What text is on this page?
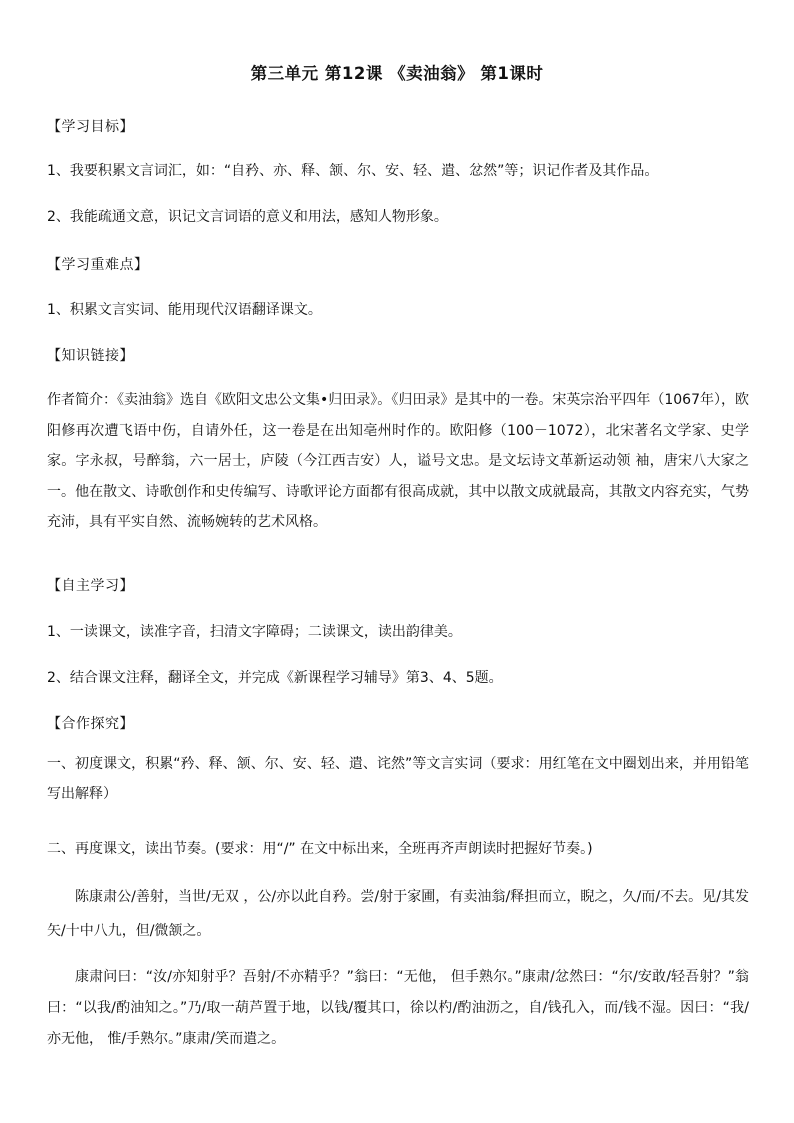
第三单元 第12课 《卖油翁》 第1课时
【学习目标】
1、我要积累文言词汇，如：“自矜、亦、释、颔、尔、安、轻、遣、忿然”等；识记作者及其作品。
2、我能疏通文意，识记文言词语的意义和用法，感知人物形象。
【学习重难点】
1、积累文言实词、能用现代汉语翻译课文。
【知识链接】
作者简介：《卖油翁》选自《欧阳文忠公文集•归田录》。《归田录》是其中的一卷。宋英宗治平四年（1067年），欧阳修再次遭飞语中伤，自请外任，这一卷是在出知亳州时作的。欧阳修（100－1072），北宋著名文学家、史学家。字永叔，号醉翁，六一居士，庐陵（今江西吉安）人，谥号文忠。是文坛诗文革新运动领 袖，唐宋八大家之一。他在散文、诗歌创作和史传编写、诗歌评论方面都有很高成就，其中以散文成就最高，其散文内容充实，气势充沛，具有平实自然、流畅婉转的艺术风格。
【自主学习】
1、一读课文，读准字音，扫清文字障碍；二读课文，读出韵律美。
2、结合课文注释，翻译全文，并完成《新课程学习辅导》第3、4、5题。
【合作探究】
一、初度课文，积累“矜、释、颔、尔、安、轻、遣、诧然”等文言实词（要求：用红笔在文中圈划出来，并用铅笔写出解释）
二、再度课文，读出节奏。(要求：用“/” 在文中标出来，全班再齐声朗读时把握好节奏。)
陈康肃公/善射，当世/无双 ，公/亦以此自矜。尝/射于家圃，有卖油翁/释担而立，睨之，久/而/不去。见/其发矢/十中八九，但/微颔之。
康肃问曰：“汝/亦知射乎？吾射/不亦精乎？”翁曰：“无他， 但手熟尔。”康肃/忿然曰：“尔/安敢/轻吾射？”翁曰：“以我/酌油知之。”乃/取一葫芦置于地，以钱/覆其口，徐以杓/酌油沥之，自/钱孔入，而/钱不湿。因曰：“我/亦无他， 惟/手熟尔。”康肃/笑而遣之。
